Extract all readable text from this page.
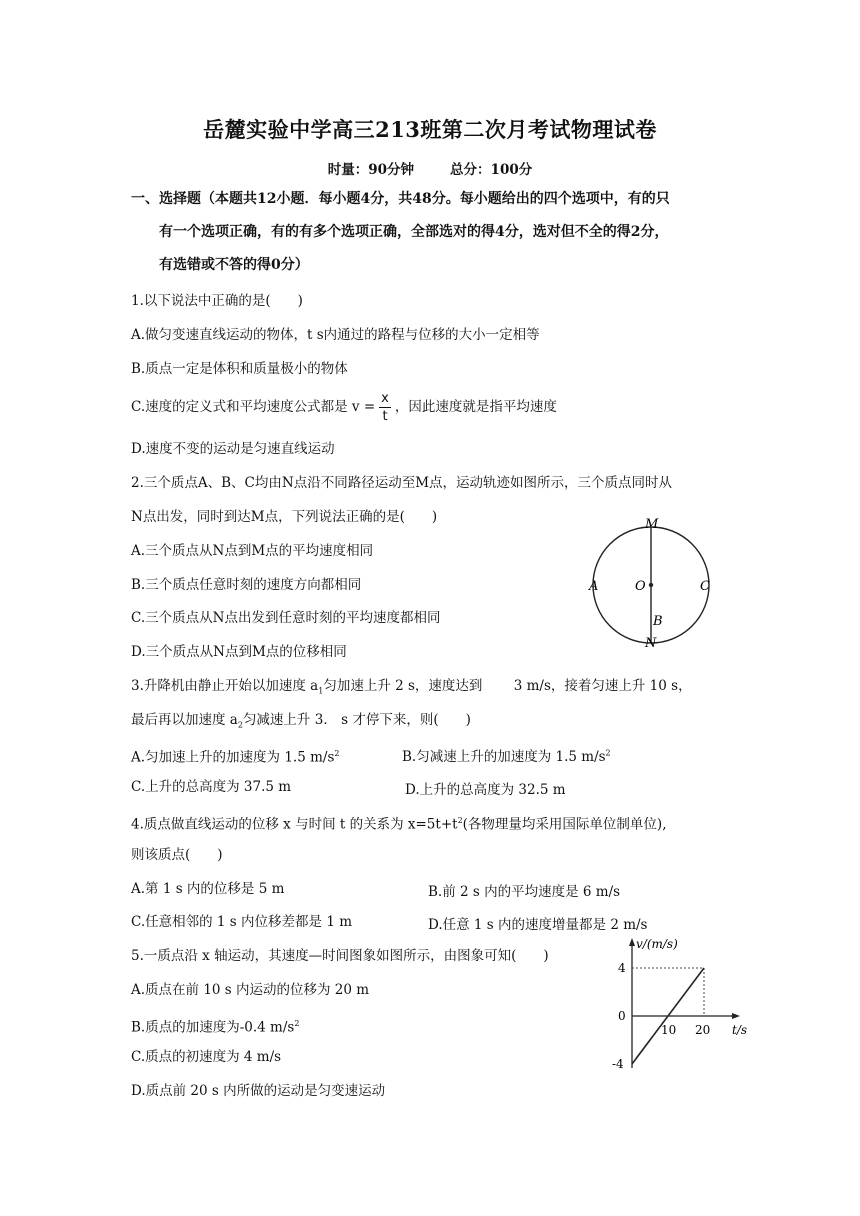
岳麓实验中学高三213班第二次月考试物理试卷
时量：90分钟	总分：100分
一、选择题（本题共12小题．每小题4分，共48分。每小题给出的四个选项中，有的只
有一个选项正确，有的有多个选项正确，全部选对的得4分，选对但不全的得2分，
有选错或不答的得0分）
1.以下说法中正确的是(　　)
A.做匀变速直线运动的物体，t s内通过的路程与位移的大小一定相等
B.质点一定是体积和质量极小的物体
C.速度的定义式和平均速度公式都是 $v = \frac{x}{t}$ ，因此速度就是指平均速度
D.速度不变的运动是匀速直线运动
2.三个质点A、B、C均由N点沿不同路径运动至M点，运动轨迹如图所示，三个质点同时从
N点出发，同时到达M点，下列说法正确的是(　　)
A.三个质点从N点到M点的平均速度相同
B.三个质点任意时刻的速度方向都相同
C.三个质点从N点出发到任意时刻的平均速度都相同
D.三个质点从N点到M点的位移相同
M
N
A	C
O
B
3.升降机由静止开始以加速度 $a_1$匀加速上升 2 s，速度达到　　 3 m/s，接着匀速上升 10 s，
最后再以加速度 $a_2$匀减速上升 3． s 才停下来，则(　　)
A.匀加速上升的加速度为 1.5 $m/s^2$	B.匀减速上升的加速度为 1.5 $m/s^2$
C.上升的总高度为 37.5 m	D.上升的总高度为 32.5 m
4.质点做直线运动的位移 x 与时间 t 的关系为 $x=5t+t^2$(各物理量均采用国际单位制单位),
则该质点(　　)
A.第 1 s 内的位移是 5 m	B.前 2 s 内的平均速度是 6 m/s
C.任意相邻的 1 s 内位移差都是 1 m	D.任意 1 s 内的速度增量都是 2 m/s
5.一质点沿 x 轴运动，其速度—时间图象如图所示，由图象可知(　　)
A.质点在前 10 s 内运动的位移为 20 m
B.质点的加速度为-0.4 $m/s^2$
C.质点的初速度为 4 m/s
D.质点前 20 s 内所做的运动是匀变速运动
v/(m/s)
t/s
4
0
-4
10 20
